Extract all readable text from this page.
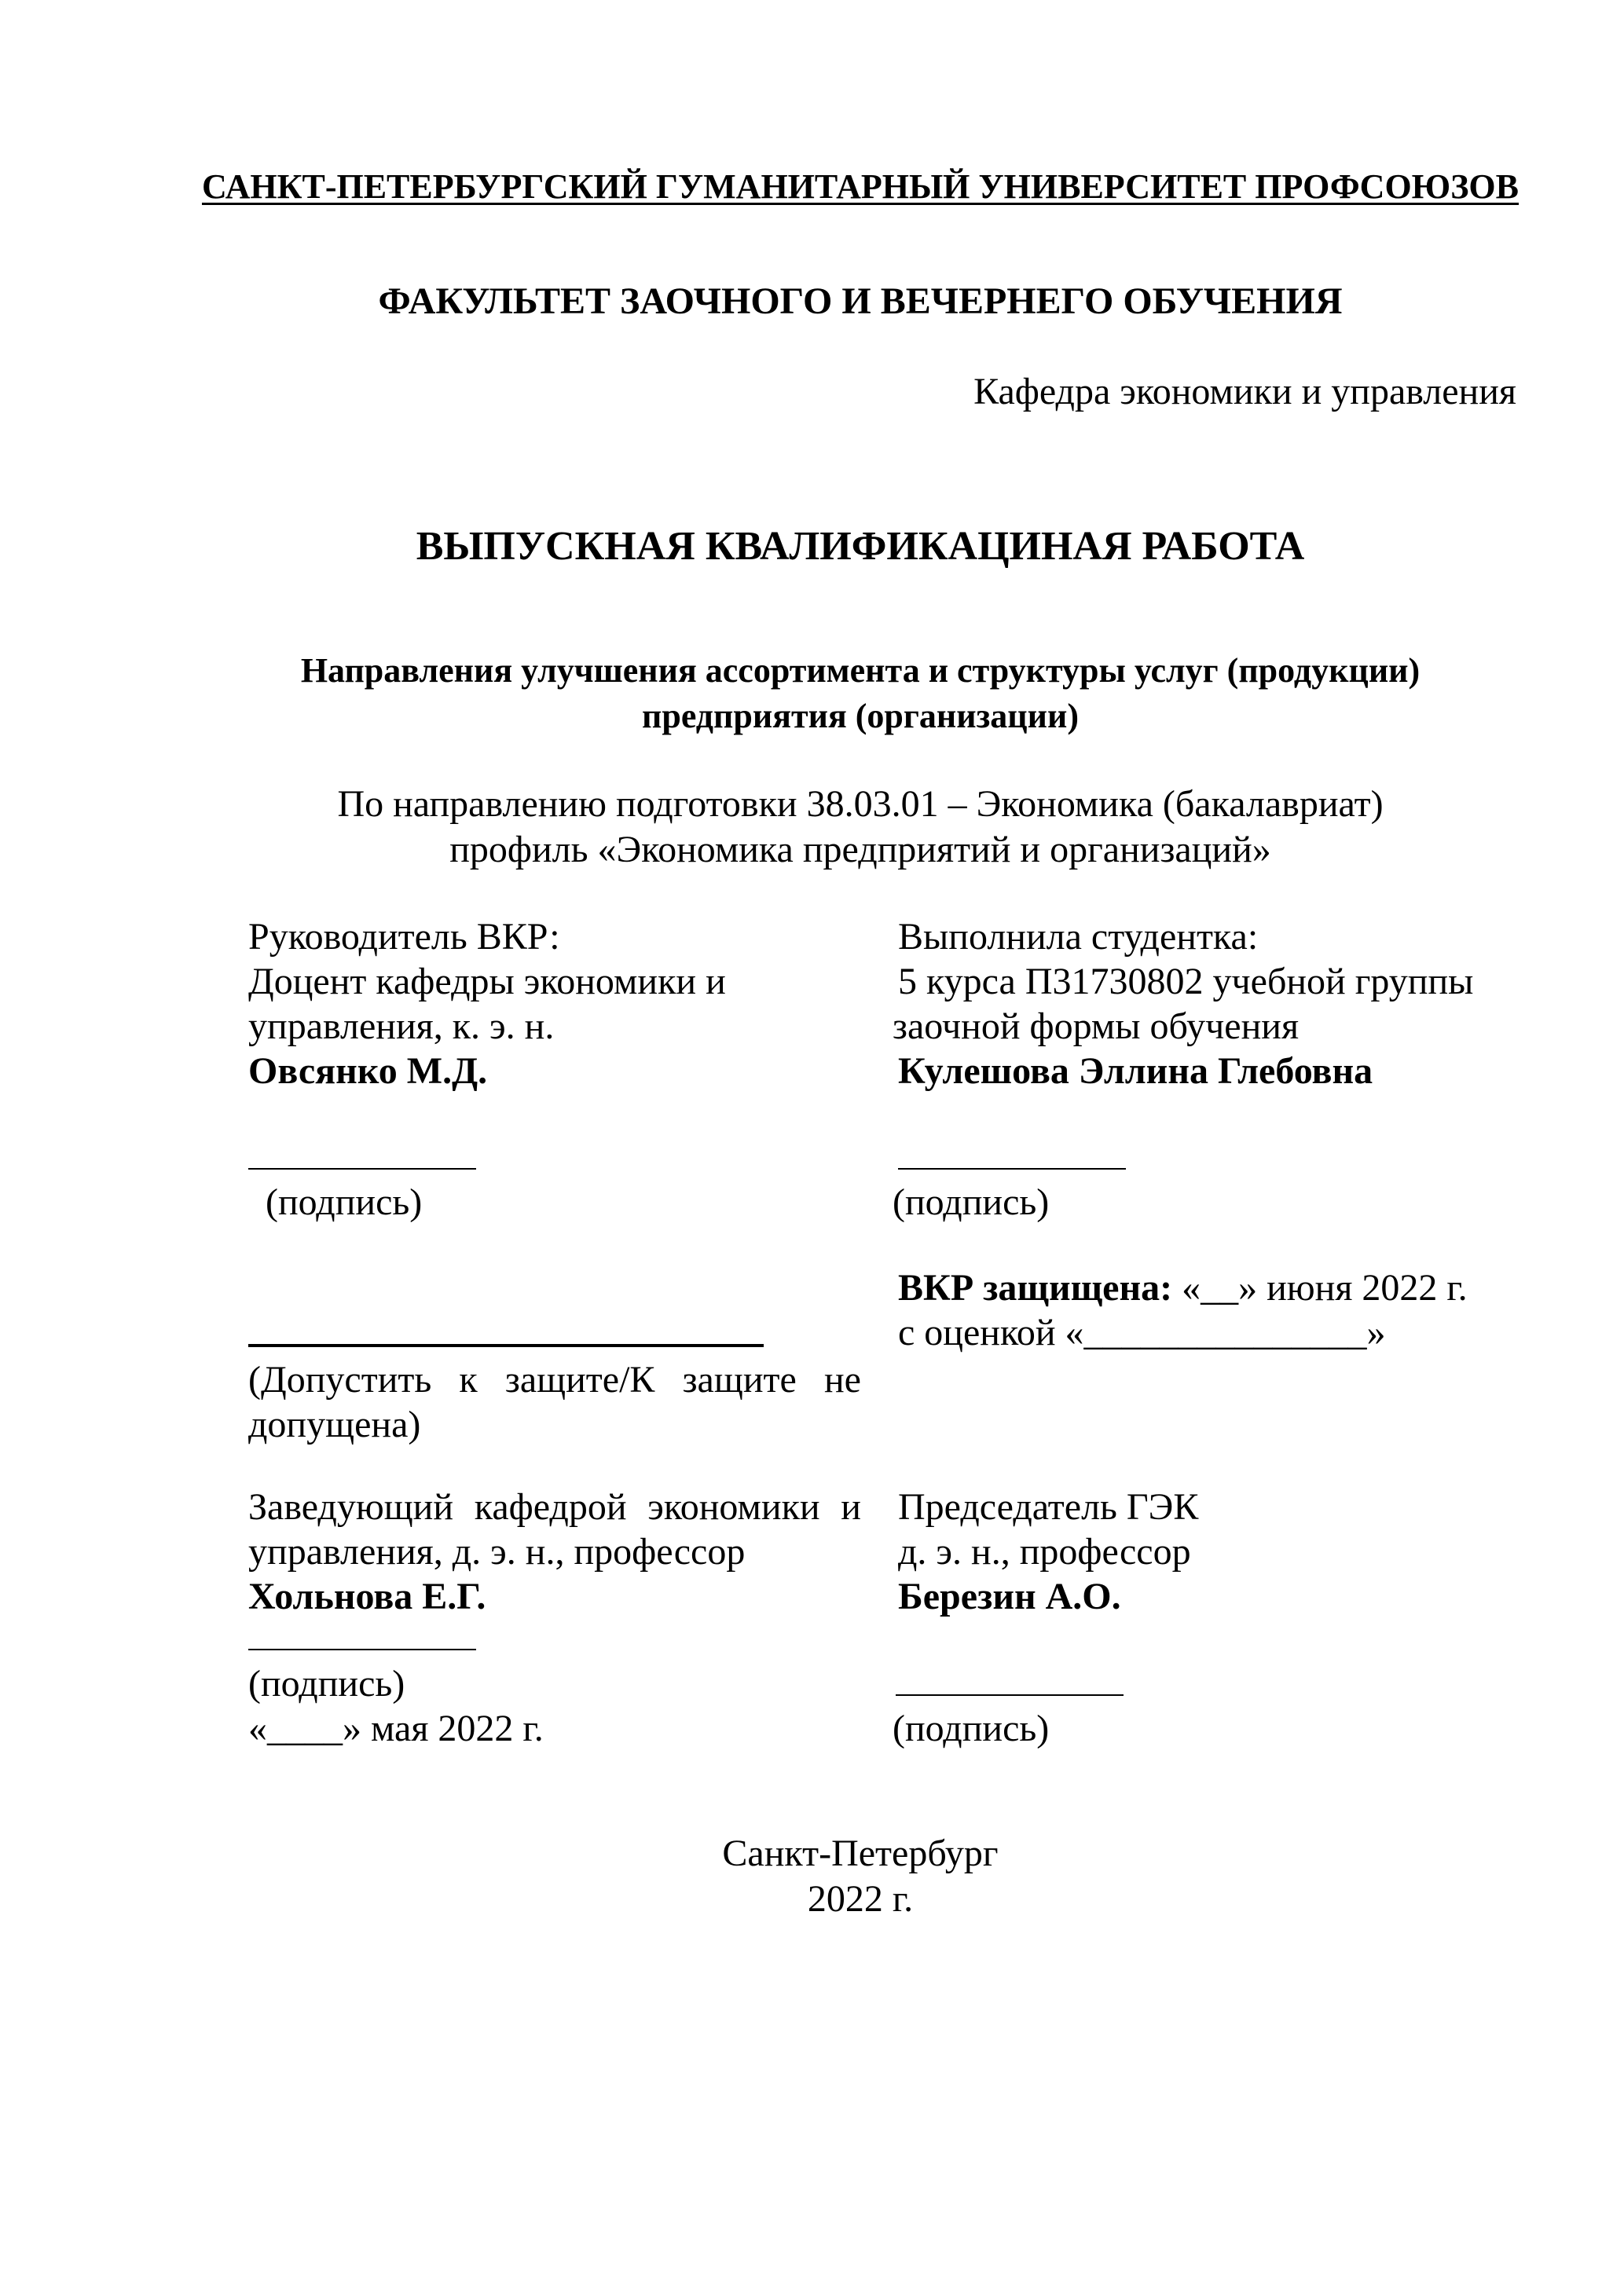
САНКТ-ПЕТЕРБУРГСКИЙ ГУМАНИТАРНЫЙ УНИВЕРСИТЕТ ПРОФСОЮЗОВ
ФАКУЛЬТЕТ ЗАОЧНОГО И ВЕЧЕРНЕГО ОБУЧЕНИЯ
Кафедра экономики и управления
ВЫПУСКНАЯ КВАЛИФИКАЦИНАЯ РАБОТА
Направления улучшения ассортимента и структуры услуг (продукции)
предприятия (организации)
По направлению подготовки 38.03.01 – Экономика (бакалавриат)
профиль «Экономика предприятий и организаций»
Руководитель ВКР:
Доцент кафедры экономики и
управления, к. э. н.
Овсянко М.Д.
(подпись)
Выполнила студентка:
5 курса П31730802 учебной группы
заочной формы обучения
Кулешова Эллина Глебовна
(подпись)
(Допустить к защите/К защите не
допущена)
ВКР защищена: «__» июня 2022 г.
с оценкой «_______________»
Заведующий кафедрой экономики и
управления, д. э. н., профессор
Хольнова Е.Г.
(подпись)
«____» мая 2022 г.
Председатель ГЭК
д. э. н., профессор
Березин А.О.
(подпись)
Санкт-Петербург
2022 г.
